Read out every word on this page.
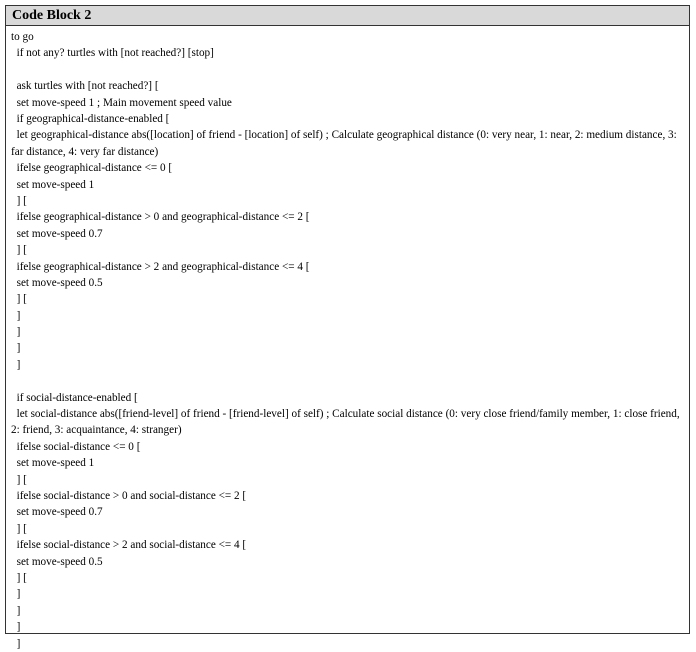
Code Block 2
to go
if not any? turtles with [not reached?] [stop]
ask turtles with [not reached?] [
set move-speed 1 ; Main movement speed value
if geographical-distance-enabled [
let geographical-distance abs([location] of friend - [location] of self) ; Calculate geographical distance (0: very near, 1: near, 2: medium distance, 3: far distance, 4: very far distance)
ifelse geographical-distance <= 0 [
set move-speed 1
] [
ifelse geographical-distance > 0 and geographical-distance <= 2 [
set move-speed 0.7
] [
ifelse geographical-distance > 2 and geographical-distance <= 4 [
set move-speed 0.5
] [
]
]
]
]
if social-distance-enabled [
let social-distance abs([friend-level] of friend - [friend-level] of self) ; Calculate social distance (0: very close friend/family member, 1: close friend, 2: friend, 3: acquaintance, 4: stranger)
ifelse social-distance <= 0 [
set move-speed 1
] [
ifelse social-distance > 0 and social-distance <= 2 [
set move-speed 0.7
] [
ifelse social-distance > 2 and social-distance <= 4 [
set move-speed 0.5
] [
]
]
]
]
